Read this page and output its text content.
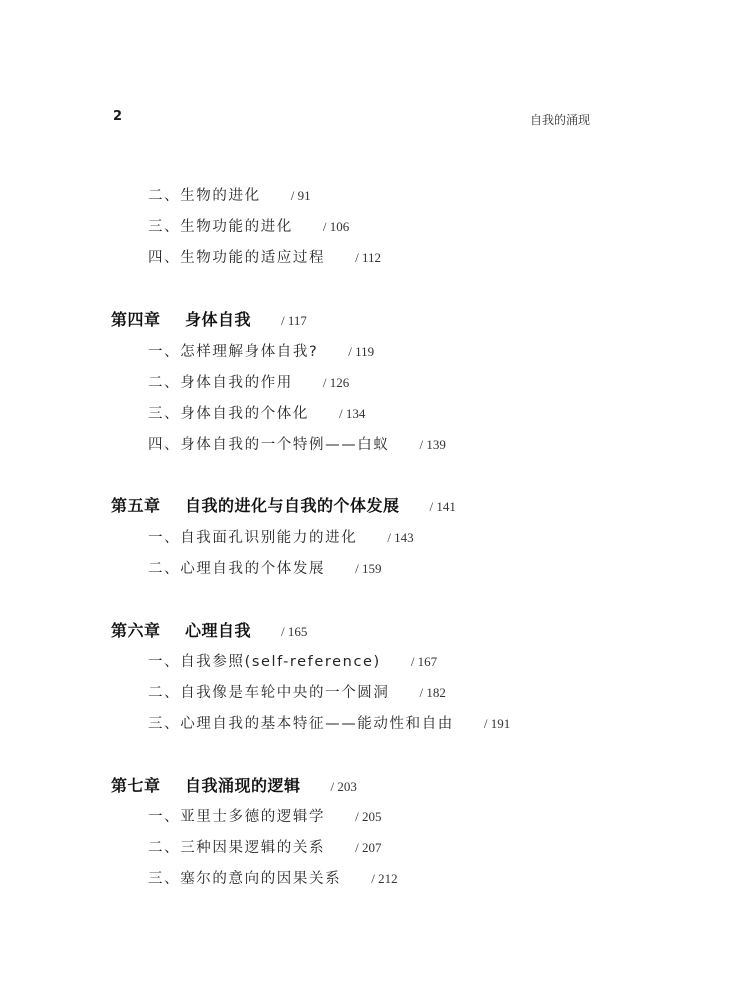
2	自我的涌现
二、生物的进化 / 91
三、生物功能的进化 / 106
四、生物功能的适应过程 / 112
第四章	身体自我 / 117
一、怎样理解身体自我? / 119
二、身体自我的作用 / 126
三、身体自我的个体化 / 134
四、身体自我的一个特例——白蚁 / 139
第五章	自我的进化与自我的个体发展 / 141
一、自我面孔识别能力的进化 / 143
二、心理自我的个体发展 / 159
第六章	心理自我 / 165
一、自我参照(self-reference) / 167
二、自我像是车轮中央的一个圆洞 / 182
三、心理自我的基本特征——能动性和自由 / 191
第七章	自我涌现的逻辑 / 203
一、亚里士多德的逻辑学 / 205
二、三种因果逻辑的关系 / 207
三、塞尔的意向的因果关系 / 212
